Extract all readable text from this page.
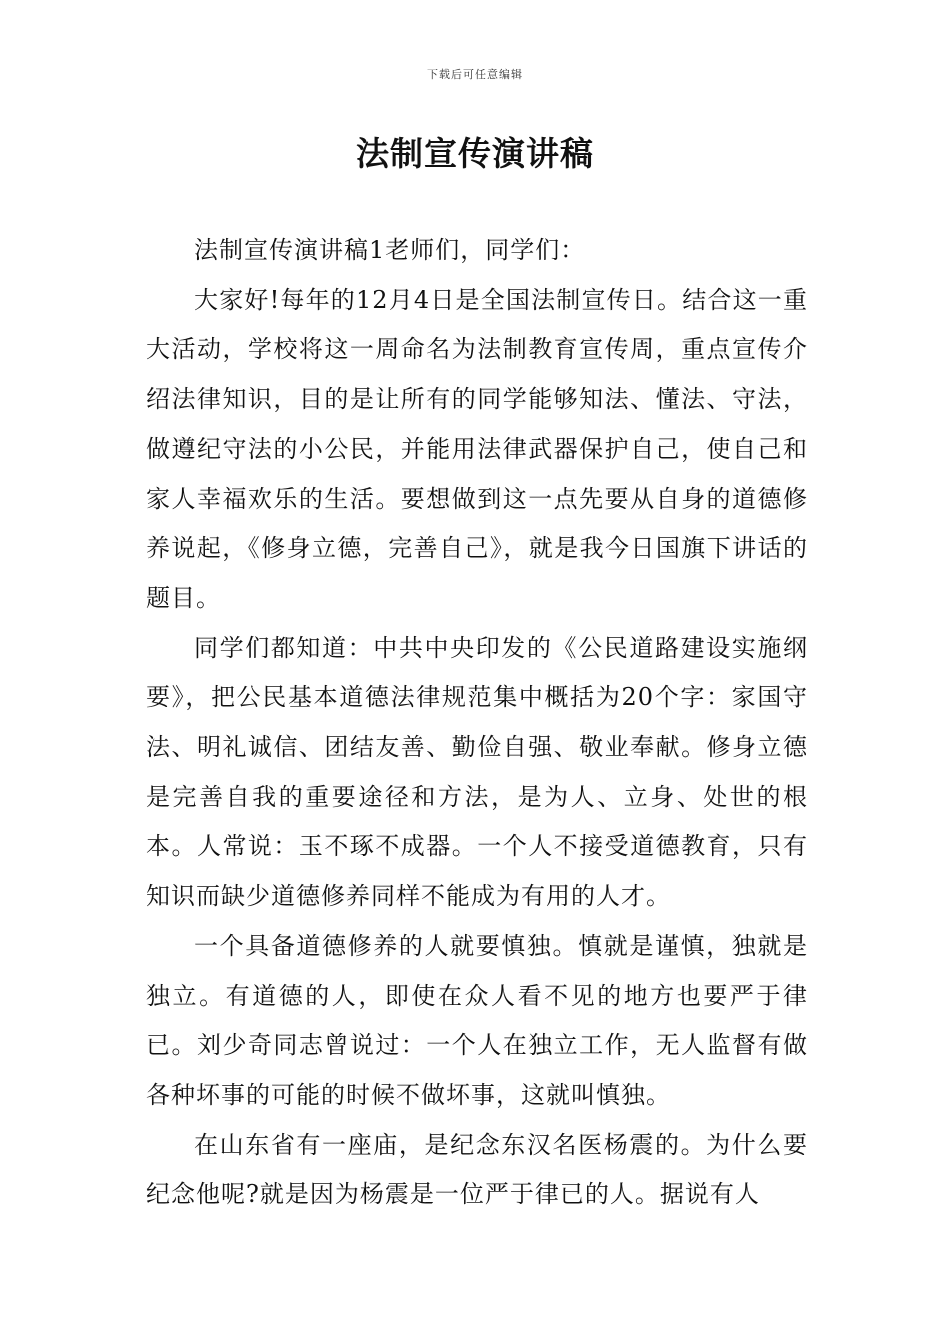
下载后可任意编辑
法制宣传演讲稿

法制宣传演讲稿1老师们，同学们：

大家好!每年的12月4日是全国法制宣传日。结合这一重大活动，学校将这一周命名为法制教育宣传周，重点宣传介绍法律知识，目的是让所有的同学能够知法、懂法、守法，做遵纪守法的小公民，并能用法律武器保护自己，使自己和家人幸福欢乐的生活。要想做到这一点先要从自身的道德修养说起，《修身立德，完善自己》，就是我今日国旗下讲话的题目。

同学们都知道：中共中央印发的《公民道路建设实施纲要》，把公民基本道德法律规范集中概括为20个字：家国守法、明礼诚信、团结友善、勤俭自强、敬业奉献。修身立德是完善自我的重要途径和方法，是为人、立身、处世的根本。人常说：玉不琢不成器。一个人不接受道德教育，只有知识而缺少道德修养同样不能成为有用的人才。

一个具备道德修养的人就要慎独。慎就是谨慎，独就是独立。有道德的人，即使在众人看不见的地方也要严于律已。刘少奇同志曾说过：一个人在独立工作，无人监督有做各种坏事的可能的时候不做坏事，这就叫慎独。

在山东省有一座庙，是纪念东汉名医杨震的。为什么要纪念他呢?就是因为杨震是一位严于律已的人。据说有人
